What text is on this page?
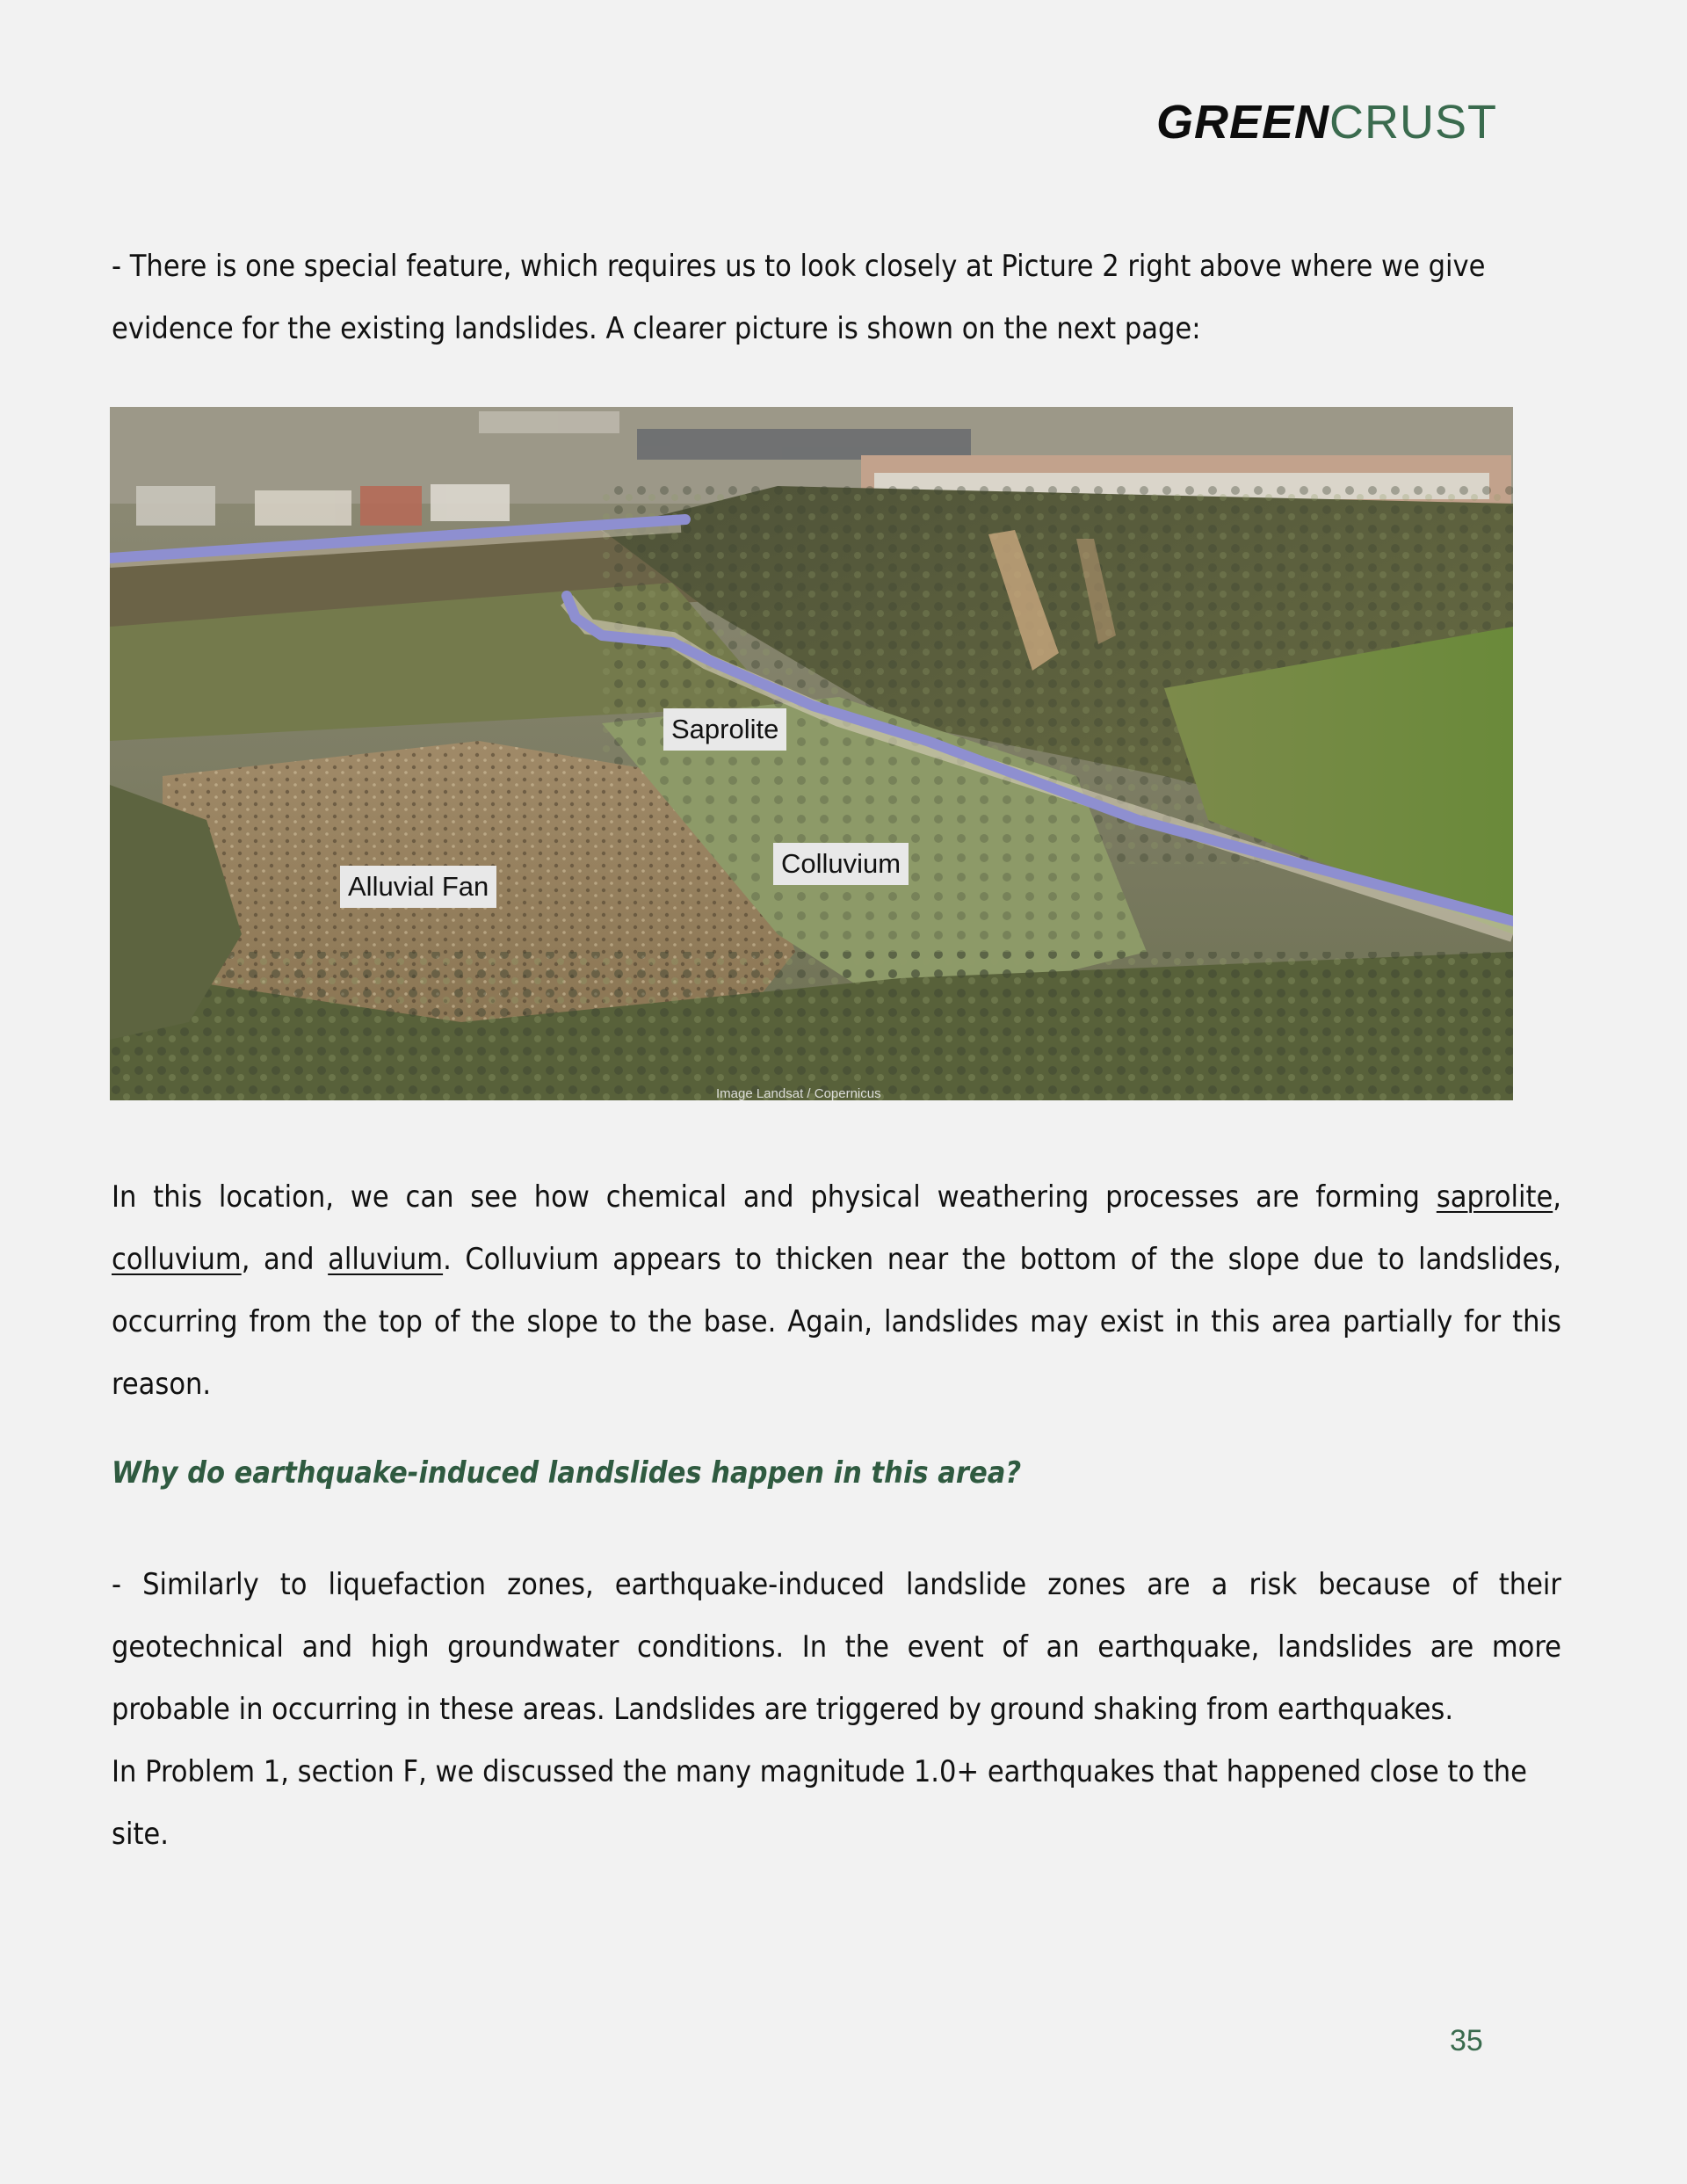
GREENCRUST

- There is one special feature, which requires us to look closely at Picture 2 right above where we give evidence for the existing landslides. A clearer picture is shown on the next page:

Saprolite
Colluvium
Alluvial Fan
Image Landsat / Copernicus

In this location, we can see how chemical and physical weathering processes are forming saprolite, colluvium, and alluvium. Colluvium appears to thicken near the bottom of the slope due to landslides, occurring from the top of the slope to the base. Again, landslides may exist in this area partially for this reason.

Why do earthquake-induced landslides happen in this area?
- Similarly to liquefaction zones, earthquake-induced landslide zones are a risk because of their geotechnical and high groundwater conditions. In the event of an earthquake, landslides are more probable in occurring in these areas. Landslides are triggered by ground shaking from earthquakes.
In Problem 1, section F, we discussed the many magnitude 1.0+ earthquakes that happened close to the site.
35
